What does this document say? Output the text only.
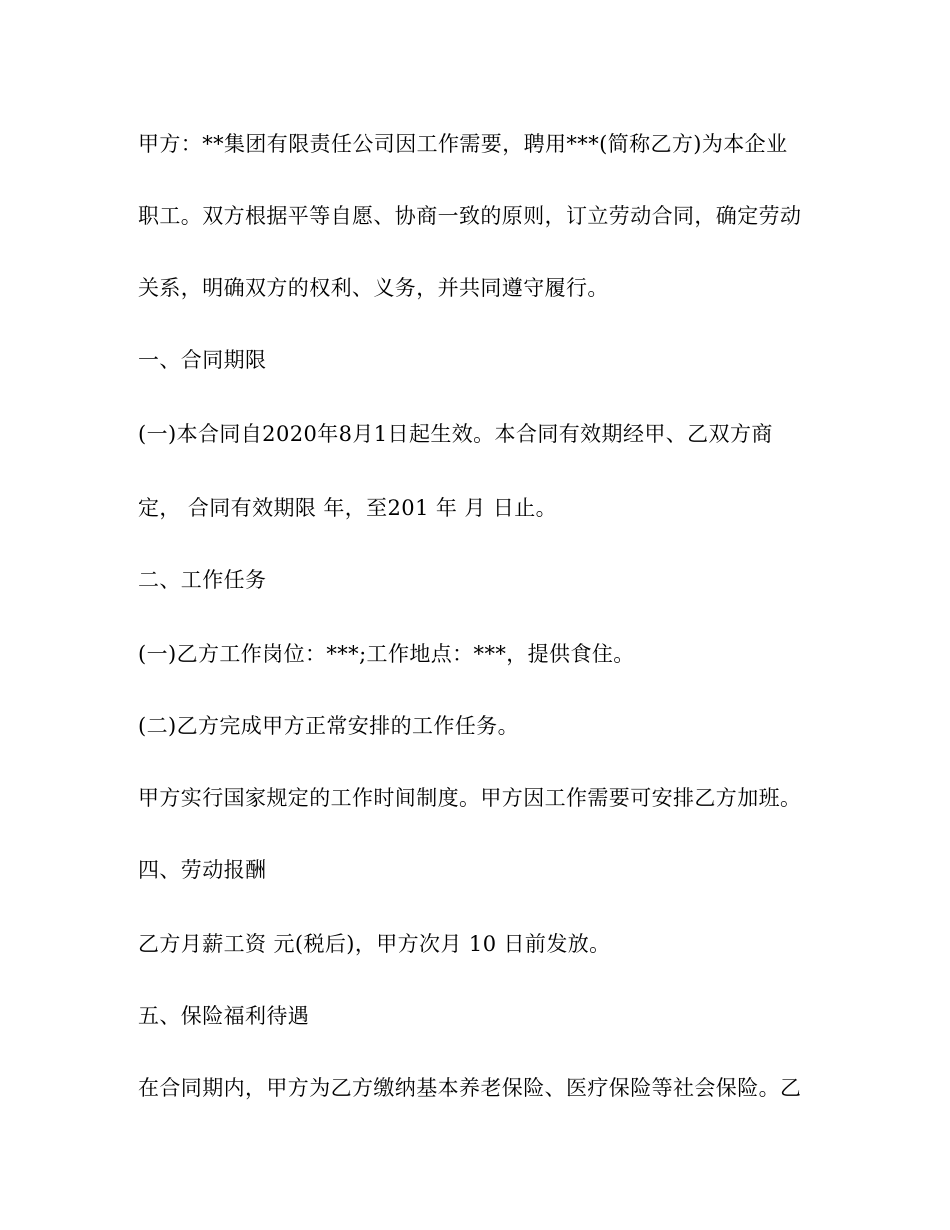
甲方：**集团有限责任公司因工作需要，聘用***(简称乙方)为本企业

职工。双方根据平等自愿、协商一致的原则，订立劳动合同，确定劳动

关系，明确双方的权利、义务，并共同遵守履行。

一、合同期限

(一)本合同自2020年8月1日起生效。本合同有效期经甲、乙双方商

定， 合同有效期限 年，至201 年 月 日止。

二、工作任务

(一)乙方工作岗位：***;工作地点：***，提供食住。

(二)乙方完成甲方正常安排的工作任务。

甲方实行国家规定的工作时间制度。甲方因工作需要可安排乙方加班。

四、劳动报酬

乙方月薪工资 元(税后)，甲方次月 10 日前发放。

五、保险福利待遇

在合同期内，甲方为乙方缴纳基本养老保险、医疗保险等社会保险。乙
